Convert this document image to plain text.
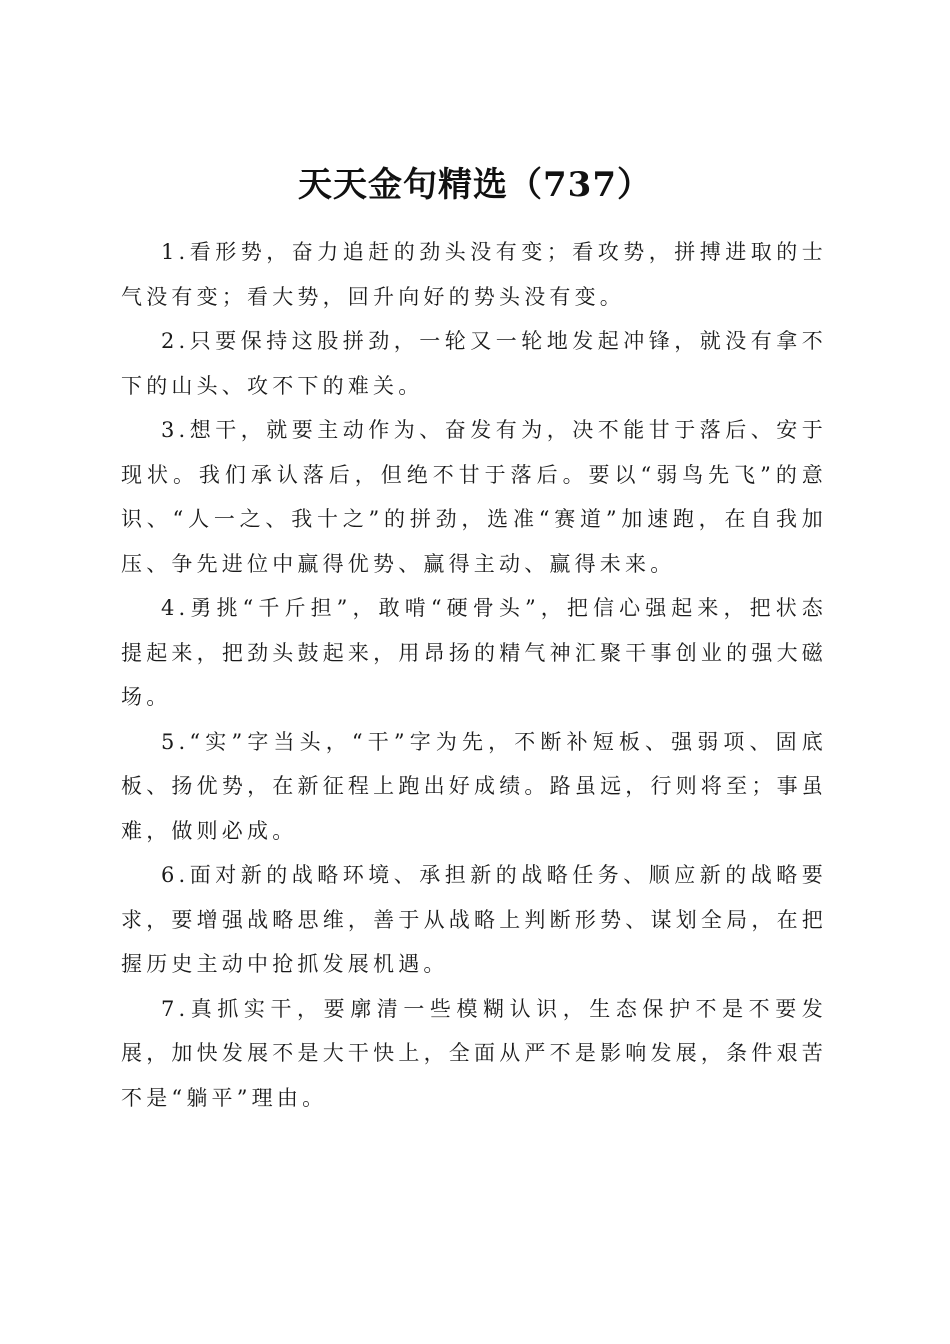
天天金句精选（737）
1.看形势，奋力追赶的劲头没有变；看攻势，拼搏进取的士气没有变；看大势，回升向好的势头没有变。
2.只要保持这股拼劲，一轮又一轮地发起冲锋，就没有拿不下的山头、攻不下的难关。
3.想干，就要主动作为、奋发有为，决不能甘于落后、安于现状。我们承认落后，但绝不甘于落后。要以“弱鸟先飞”的意识、“人一之、我十之”的拼劲，选准“赛道”加速跑，在自我加压、争先进位中赢得优势、赢得主动、赢得未来。
4.勇挑“千斤担”，敢啃“硬骨头”，把信心强起来，把状态提起来，把劲头鼓起来，用昂扬的精气神汇聚干事创业的强大磁场。
5.“实”字当头，“干”字为先，不断补短板、强弱项、固底板、扬优势，在新征程上跑出好成绩。路虽远，行则将至；事虽难，做则必成。
6.面对新的战略环境、承担新的战略任务、顺应新的战略要求，要增强战略思维，善于从战略上判断形势、谋划全局，在把握历史主动中抢抓发展机遇。
7.真抓实干，要廓清一些模糊认识，生态保护不是不要发展，加快发展不是大干快上，全面从严不是影响发展，条件艰苦不是“躺平”理由。
